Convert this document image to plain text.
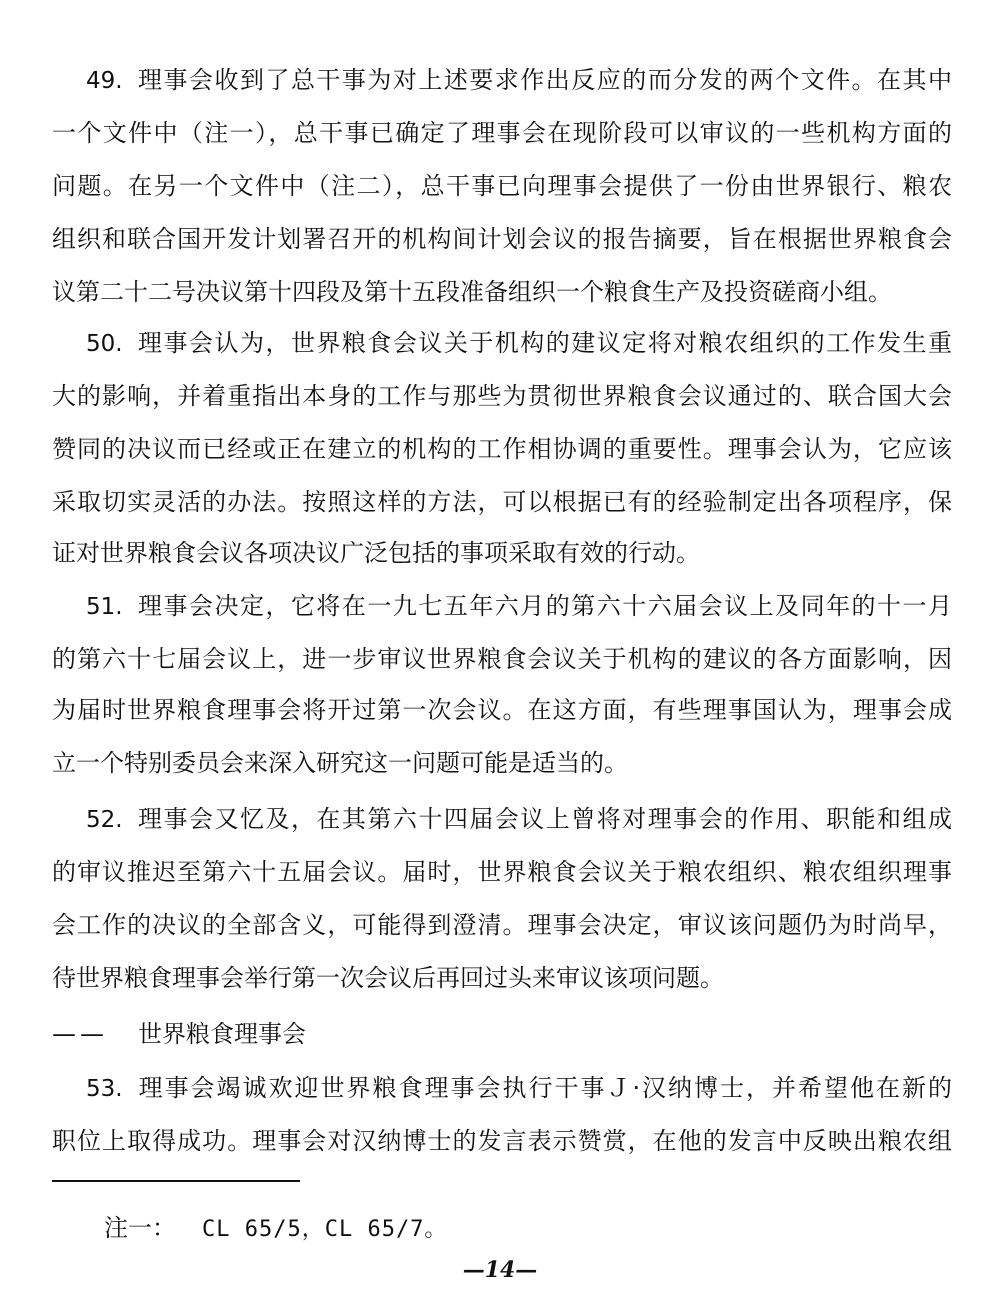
49. 理事会收到了总干事为对上述要求作出反应的而分发的两个文件。在其中
一个文件中（注一），总干事已确定了理事会在现阶段可以审议的一些机构方面的
问题。在另一个文件中（注二），总干事已向理事会提供了一份由世界银行、粮农
组织和联合国开发计划署召开的机构间计划会议的报告摘要，旨在根据世界粮食会
议第二十二号决议第十四段及第十五段准备组织一个粮食生产及投资磋商小组。
50. 理事会认为，世界粮食会议关于机构的建议定将对粮农组织的工作发生重
大的影响，并着重指出本身的工作与那些为贯彻世界粮食会议通过的、联合国大会
赞同的决议而已经或正在建立的机构的工作相协调的重要性。理事会认为，它应该
采取切实灵活的办法。按照这样的方法，可以根据已有的经验制定出各项程序，保
证对世界粮食会议各项决议广泛包括的事项采取有效的行动。
51. 理事会决定，它将在一九七五年六月的第六十六届会议上及同年的十一月
的第六十七届会议上，进一步审议世界粮食会议关于机构的建议的各方面影响，因
为届时世界粮食理事会将开过第一次会议。在这方面，有些理事国认为，理事会成
立一个特别委员会来深入研究这一问题可能是适当的。
52. 理事会又忆及，在其第六十四届会议上曾将对理事会的作用、职能和组成
的审议推迟至第六十五届会议。届时，世界粮食会议关于粮农组织、粮农组织理事
会工作的决议的全部含义，可能得到澄清。理事会决定，审议该问题仍为时尚早，
待世界粮食理事会举行第一次会议后再回过头来审议该项问题。
—— 世界粮食理事会
53. 理事会竭诚欢迎世界粮食理事会执行干事Ｊ·汉纳博士，并希望他在新的
职位上取得成功。理事会对汉纳博士的发言表示赞赏，在他的发言中反映出粮农组
注一： CL 65/5，CL 65/7。
—14—
